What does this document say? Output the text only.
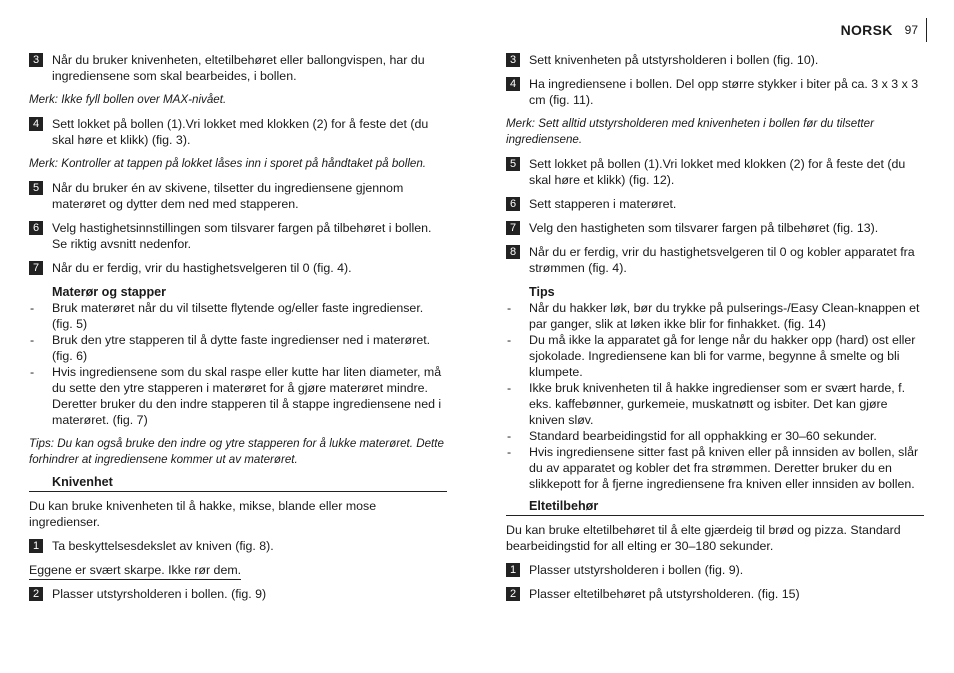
NORSK 97
3	Når du bruker knivenheten, eltetilbehøret eller ballongvispen, har du ingrediensene som skal bearbeides, i bollen.
Merk: Ikke fyll bollen over MAX-nivået.
4	Sett lokket på bollen (1).Vri lokket med klokken (2) for å feste det (du skal høre et klikk) (fig. 3).
Merk: Kontroller at tappen på lokket låses inn i sporet på håndtaket på bollen.
5	Når du bruker én av skivene, tilsetter du ingrediensene gjennom materøret og dytter dem ned med stapperen.
6	Velg hastighetsinnstillingen som tilsvarer fargen på tilbehøret i bollen. Se riktig avsnitt nedenfor.
7	Når du er ferdig, vrir du hastighetsvelgeren til 0 (fig. 4).
Materør og stapper
- Bruk materøret når du vil tilsette flytende og/eller faste ingredienser. (fig. 5)
- Bruk den ytre stapperen til å dytte faste ingredienser ned i materøret. (fig. 6)
- Hvis ingrediensene som du skal raspe eller kutte har liten diameter, må du sette den ytre stapperen i materøret for å gjøre materøret mindre. Deretter bruker du den indre stapperen til å stappe ingrediensene ned i materøret. (fig. 7)
Tips: Du kan også bruke den indre og ytre stapperen for å lukke materøret. Dette forhindrer at ingrediensene kommer ut av materøret.
Knivenhet
Du kan bruke knivenheten til å hakke, mikse, blande eller mose ingredienser.
1	Ta beskyttelsesdekslet av kniven (fig. 8).
Eggene er svært skarpe. Ikke rør dem.
2	Plasser utstyrsholderen i bollen. (fig. 9)
3	Sett knivenheten på utstyrsholderen i bollen (fig. 10).
4	Ha ingrediensene i bollen. Del opp større stykker i biter på ca. 3 x 3 x 3 cm (fig. 11).
Merk: Sett alltid utstyrsholderen med knivenheten i bollen før du tilsetter ingrediensene.
5	Sett lokket på bollen (1).Vri lokket med klokken (2) for å feste det (du skal høre et klikk) (fig. 12).
6	Sett stapperen i materøret.
7	Velg den hastigheten som tilsvarer fargen på tilbehøret (fig. 13).
8	Når du er ferdig, vrir du hastighetsvelgeren til 0 og kobler apparatet fra strømmen (fig. 4).
Tips
- Når du hakker løk, bør du trykke på pulserings-/Easy Clean-knappen et par ganger, slik at løken ikke blir for finhakket. (fig. 14)
- Du må ikke la apparatet gå for lenge når du hakker opp (hard) ost eller sjokolade. Ingrediensene kan bli for varme, begynne å smelte og bli klumpete.
- Ikke bruk knivenheten til å hakke ingredienser som er svært harde, f. eks. kaffebønner, gurkemeie, muskatnøtt og isbiter. Det kan gjøre kniven sløv.
- Standard bearbeidingstid for all opphakking er 30–60 sekunder.
- Hvis ingrediensene sitter fast på kniven eller på innsiden av bollen, slår du av apparatet og kobler det fra strømmen. Deretter bruker du en slikkepott for å fjerne ingrediensene fra kniven eller innsiden av bollen.
Eltetilbehør
Du kan bruke eltetilbehøret til å elte gjærdeig til brød og pizza. Standard bearbeidingstid for all elting er 30–180 sekunder.
1	Plasser utstyrsholderen i bollen (fig. 9).
2	Plasser eltetilbehøret på utstyrsholderen. (fig. 15)
